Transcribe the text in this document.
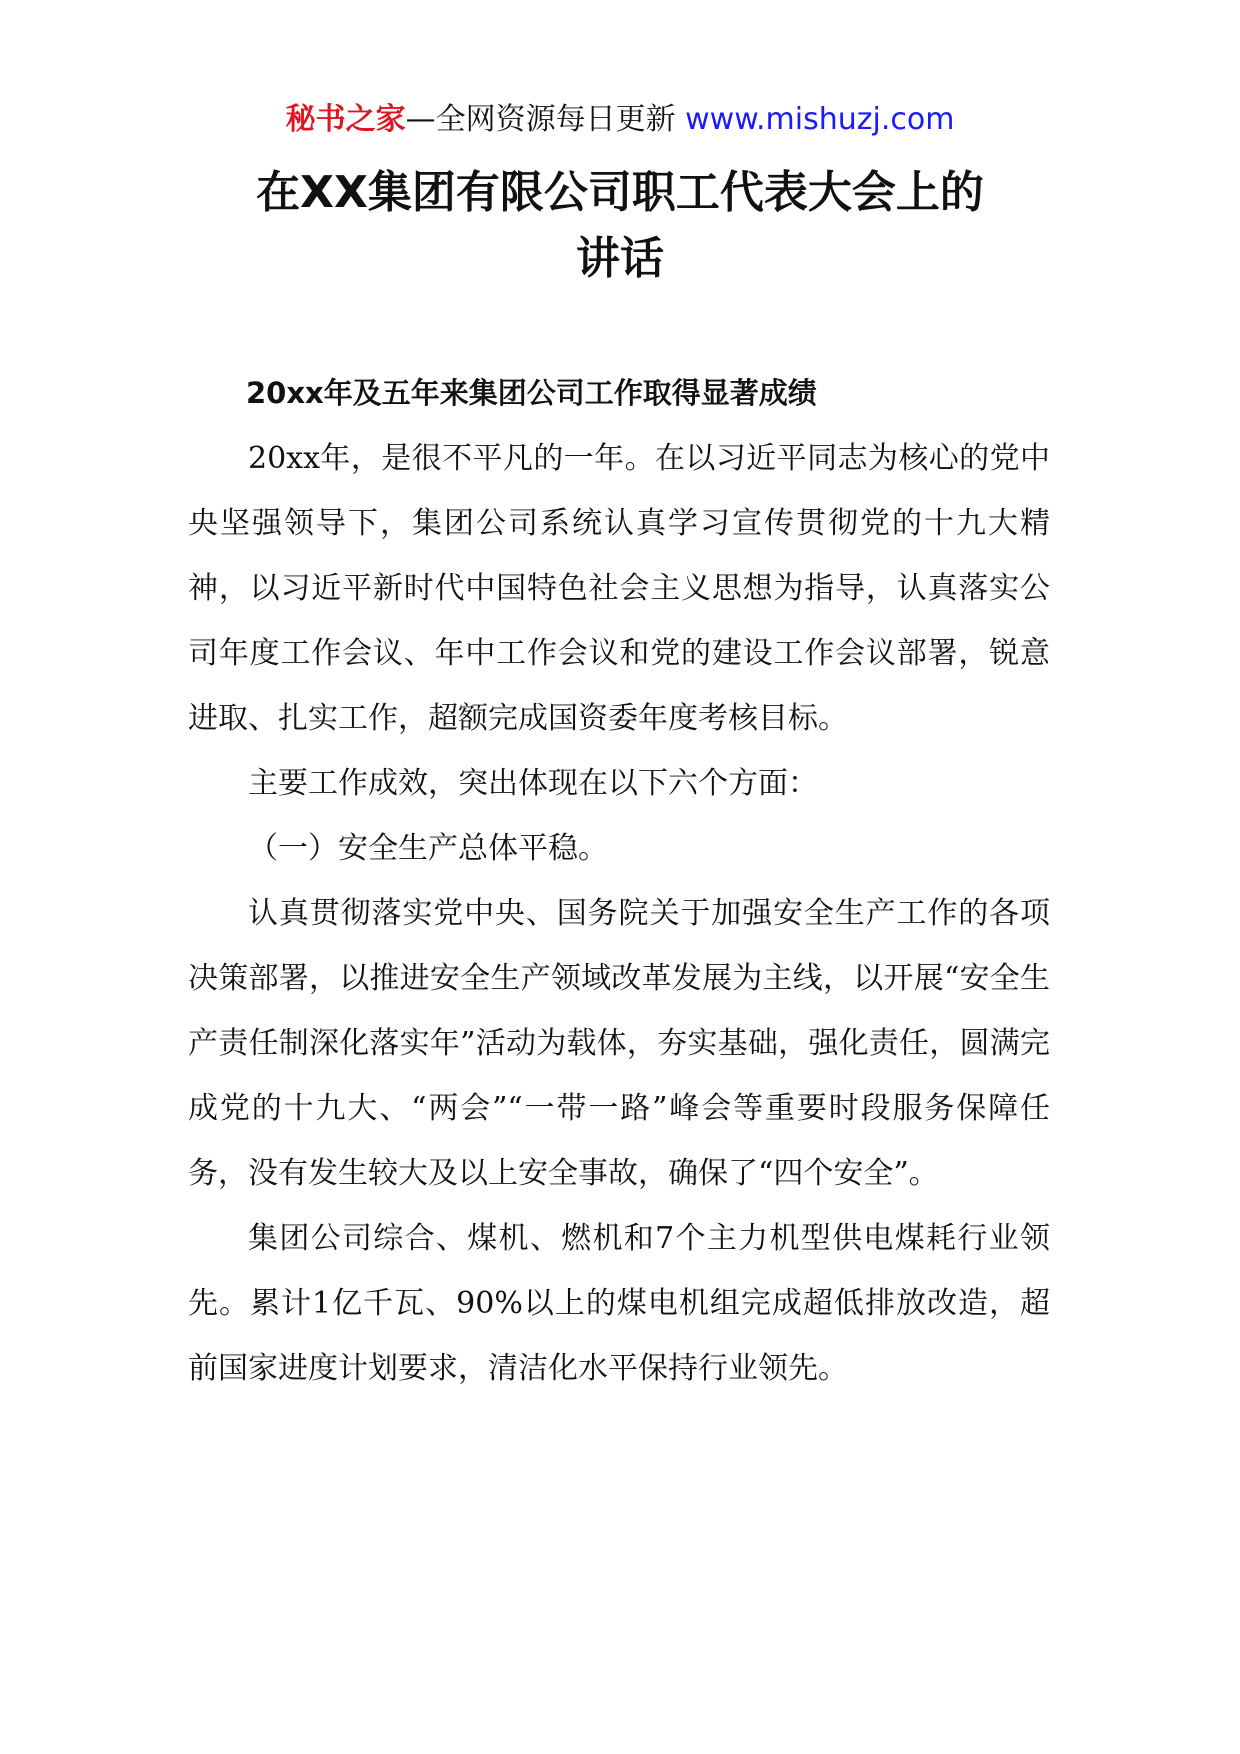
秘书之家—全网资源每日更新 www.mishuzj.com
在XX集团有限公司职工代表大会上的
讲话

20xx年及五年来集团公司工作取得显著成绩

20xx年，是很不平凡的一年。在以习近平同志为核心的党中央坚强领导下，集团公司系统认真学习宣传贯彻党的十九大精神，以习近平新时代中国特色社会主义思想为指导，认真落实公司年度工作会议、年中工作会议和党的建设工作会议部署，锐意进取、扎实工作，超额完成国资委年度考核目标。

主要工作成效，突出体现在以下六个方面：

（一）安全生产总体平稳。

认真贯彻落实党中央、国务院关于加强安全生产工作的各项决策部署，以推进安全生产领域改革发展为主线，以开展“安全生产责任制深化落实年”活动为载体，夯实基础，强化责任，圆满完成党的十九大、“两会”“一带一路”峰会等重要时段服务保障任务，没有发生较大及以上安全事故，确保了“四个安全”。

集团公司综合、煤机、燃机和7个主力机型供电煤耗行业领先。累计1亿千瓦、90%以上的煤电机组完成超低排放改造，超前国家进度计划要求，清洁化水平保持行业领先。
